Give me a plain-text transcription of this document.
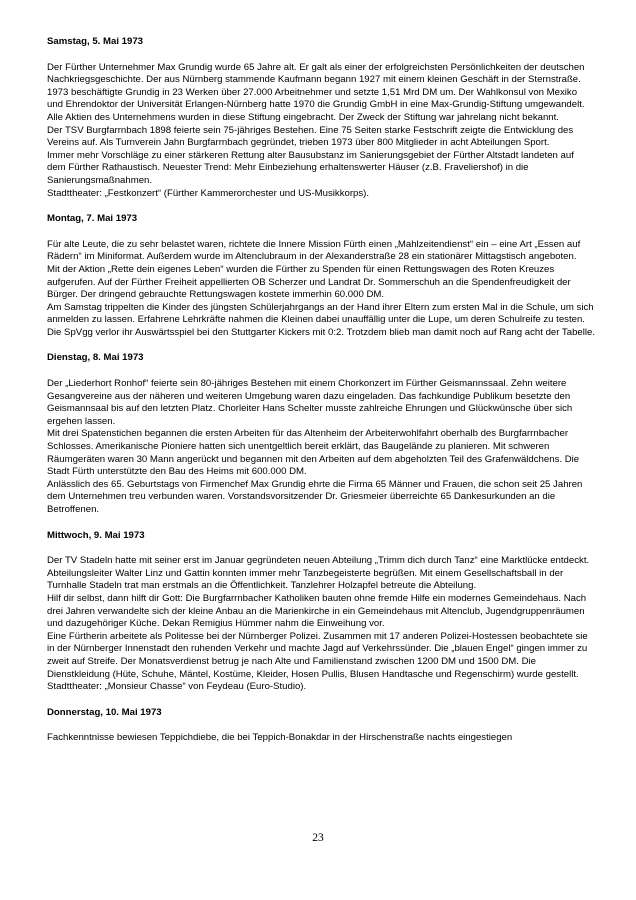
Samstag, 5. Mai 1973

Der Fürther Unternehmer Max Grundig wurde 65 Jahre alt. Er galt als einer der erfolgreichsten Persönlichkeiten der deutschen Nachkriegsgeschichte. Der aus Nürnberg stammende Kaufmann begann 1927 mit einem kleinen Geschäft in der Sternstraße. 1973 beschäftigte Grundig in 23 Werken über 27.000 Arbeitnehmer und setzte 1,51 Mrd DM um. Der Wahlkonsul von Mexiko und Ehrendoktor der Universität Erlangen-Nürnberg hatte 1970 die Grundig GmbH in eine Max-Grundig-Stiftung umgewandelt. Alle Aktien des Unternehmens wurden in diese Stiftung eingebracht. Der Zweck der Stiftung war jahrelang nicht bekannt.

Der TSV Burgfarrnbach 1898 feierte sein 75-jähriges Bestehen. Eine 75 Seiten starke Festschrift zeigte die Entwicklung des Vereins auf. Als Turnverein Jahn Burgfarrnbach gegründet, trieben 1973 über 800 Mitglieder in acht Abteilungen Sport.

Immer mehr Vorschläge zu einer stärkeren Rettung alter Bausubstanz im Sanierungsgebiet der Fürther Altstadt landeten auf dem Fürther Rathaustisch. Neuester Trend: Mehr Einbeziehung erhaltenswerter Häuser (z.B. Fraveliershof) in die Sanierungsmaßnahmen.

Stadttheater: „Festkonzert“ (Fürther Kammerorchester und US-Musikkorps).

Montag, 7. Mai 1973

Für alte Leute, die zu sehr belastet waren, richtete die Innere Mission Fürth einen „Mahlzeitendienst“ ein – eine Art „Essen auf Rädern“ im Miniformat. Außerdem wurde im Altenclubraum in der Alexanderstraße 28 ein stationärer Mittagstisch angeboten.

Mit der Aktion „Rette dein eigenes Leben“ wurden die Fürther zu Spenden für einen Rettungswagen des Roten Kreuzes aufgerufen. Auf der Fürther Freiheit appellierten OB Scherzer und Landrat Dr. Sommerschuh an die Spendenfreudigkeit der Bürger. Der dringend gebrauchte Rettungswagen kostete immerhin 60.000 DM.

Am Samstag trippelten die Kinder des jüngsten Schülerjahrgangs an der Hand ihrer Eltern zum ersten Mal in die Schule, um sich anmelden zu lassen. Erfahrene Lehrkräfte nahmen die Kleinen dabei unauffällig unter die Lupe, um deren Schulreife zu testen.

Die SpVgg verlor ihr Auswärtsspiel bei den Stuttgarter Kickers mit 0:2. Trotzdem blieb man damit noch auf Rang acht der Tabelle.

Dienstag, 8. Mai 1973

Der „Liederhort Ronhof“ feierte sein 80-jähriges Bestehen mit einem Chorkonzert im Fürther Geismannssaal. Zehn weitere Gesangvereine aus der näheren und weiteren Umgebung waren dazu eingeladen. Das fachkundige Publikum besetzte den Geismannsaal bis auf den letzten Platz. Chorleiter Hans Schelter musste zahlreiche Ehrungen und Glückwünsche über sich ergehen lassen.

Mit drei Spatenstichen begannen die ersten Arbeiten für das Altenheim der Arbeiterwohlfahrt oberhalb des Burgfarrnbacher Schlosses. Amerikanische Pioniere hatten sich unentgeltlich bereit erklärt, das Baugelände zu planieren. Mit schweren Räumgeräten waren 30 Mann angerückt und begannen mit den Arbeiten auf dem abgeholzten Teil des Grafenwäldchens. Die Stadt Fürth unterstützte den Bau des Heims mit 600.000 DM.

Anlässlich des 65. Geburtstags von Firmenchef Max Grundig ehrte die Firma 65 Männer und Frauen, die schon seit 25 Jahren dem Unternehmen treu verbunden waren. Vorstandsvorsitzender Dr. Griesmeier überreichte 65 Dankesurkunden an die Betroffenen.

Mittwoch, 9. Mai 1973

Der TV Stadeln hatte mit seiner erst im Januar gegründeten neuen Abteilung „Trimm dich durch Tanz“ eine Marktlücke entdeckt. Abteilungsleiter Walter Linz und Gattin konnten immer mehr Tanzbegeisterte begrüßen. Mit einem Gesellschaftsball in der Turnhalle Stadeln trat man erstmals an die Öffentlichkeit. Tanzlehrer Holzapfel betreute die Abteilung.

Hilf dir selbst, dann hilft dir Gott: Die Burgfarrnbacher Katholiken bauten ohne fremde Hilfe ein modernes Gemeindehaus. Nach drei Jahren verwandelte sich der kleine Anbau an die Marienkirche in ein Gemeindehaus mit Altenclub, Jugendgruppenräumen und dazugehöriger Küche. Dekan Remigius Hümmer nahm die Einweihung vor.

Eine Fürtherin arbeitete als Politesse bei der Nürnberger Polizei. Zusammen mit 17 anderen Polizei-Hostessen beobachtete sie in der Nürnberger Innenstadt den ruhenden Verkehr und machte Jagd auf Verkehrssünder. Die „blauen Engel“ gingen immer zu zweit auf Streife. Der Monatsverdienst betrug je nach Alte und Familienstand zwischen 1200 DM und 1500 DM. Die Dienstkleidung (Hüte, Schuhe, Mäntel, Kostüme, Kleider, Hosen Pullis, Blusen Handtasche und Regenschirm) wurde gestellt.

Stadttheater: „Monsieur Chasse“ von Feydeau (Euro-Studio).

Donnerstag, 10. Mai 1973

Fachkenntnisse bewiesen Teppichdiebe, die bei Teppich-Bonakdar in der Hirschenstraße nachts eingestiegen

23
